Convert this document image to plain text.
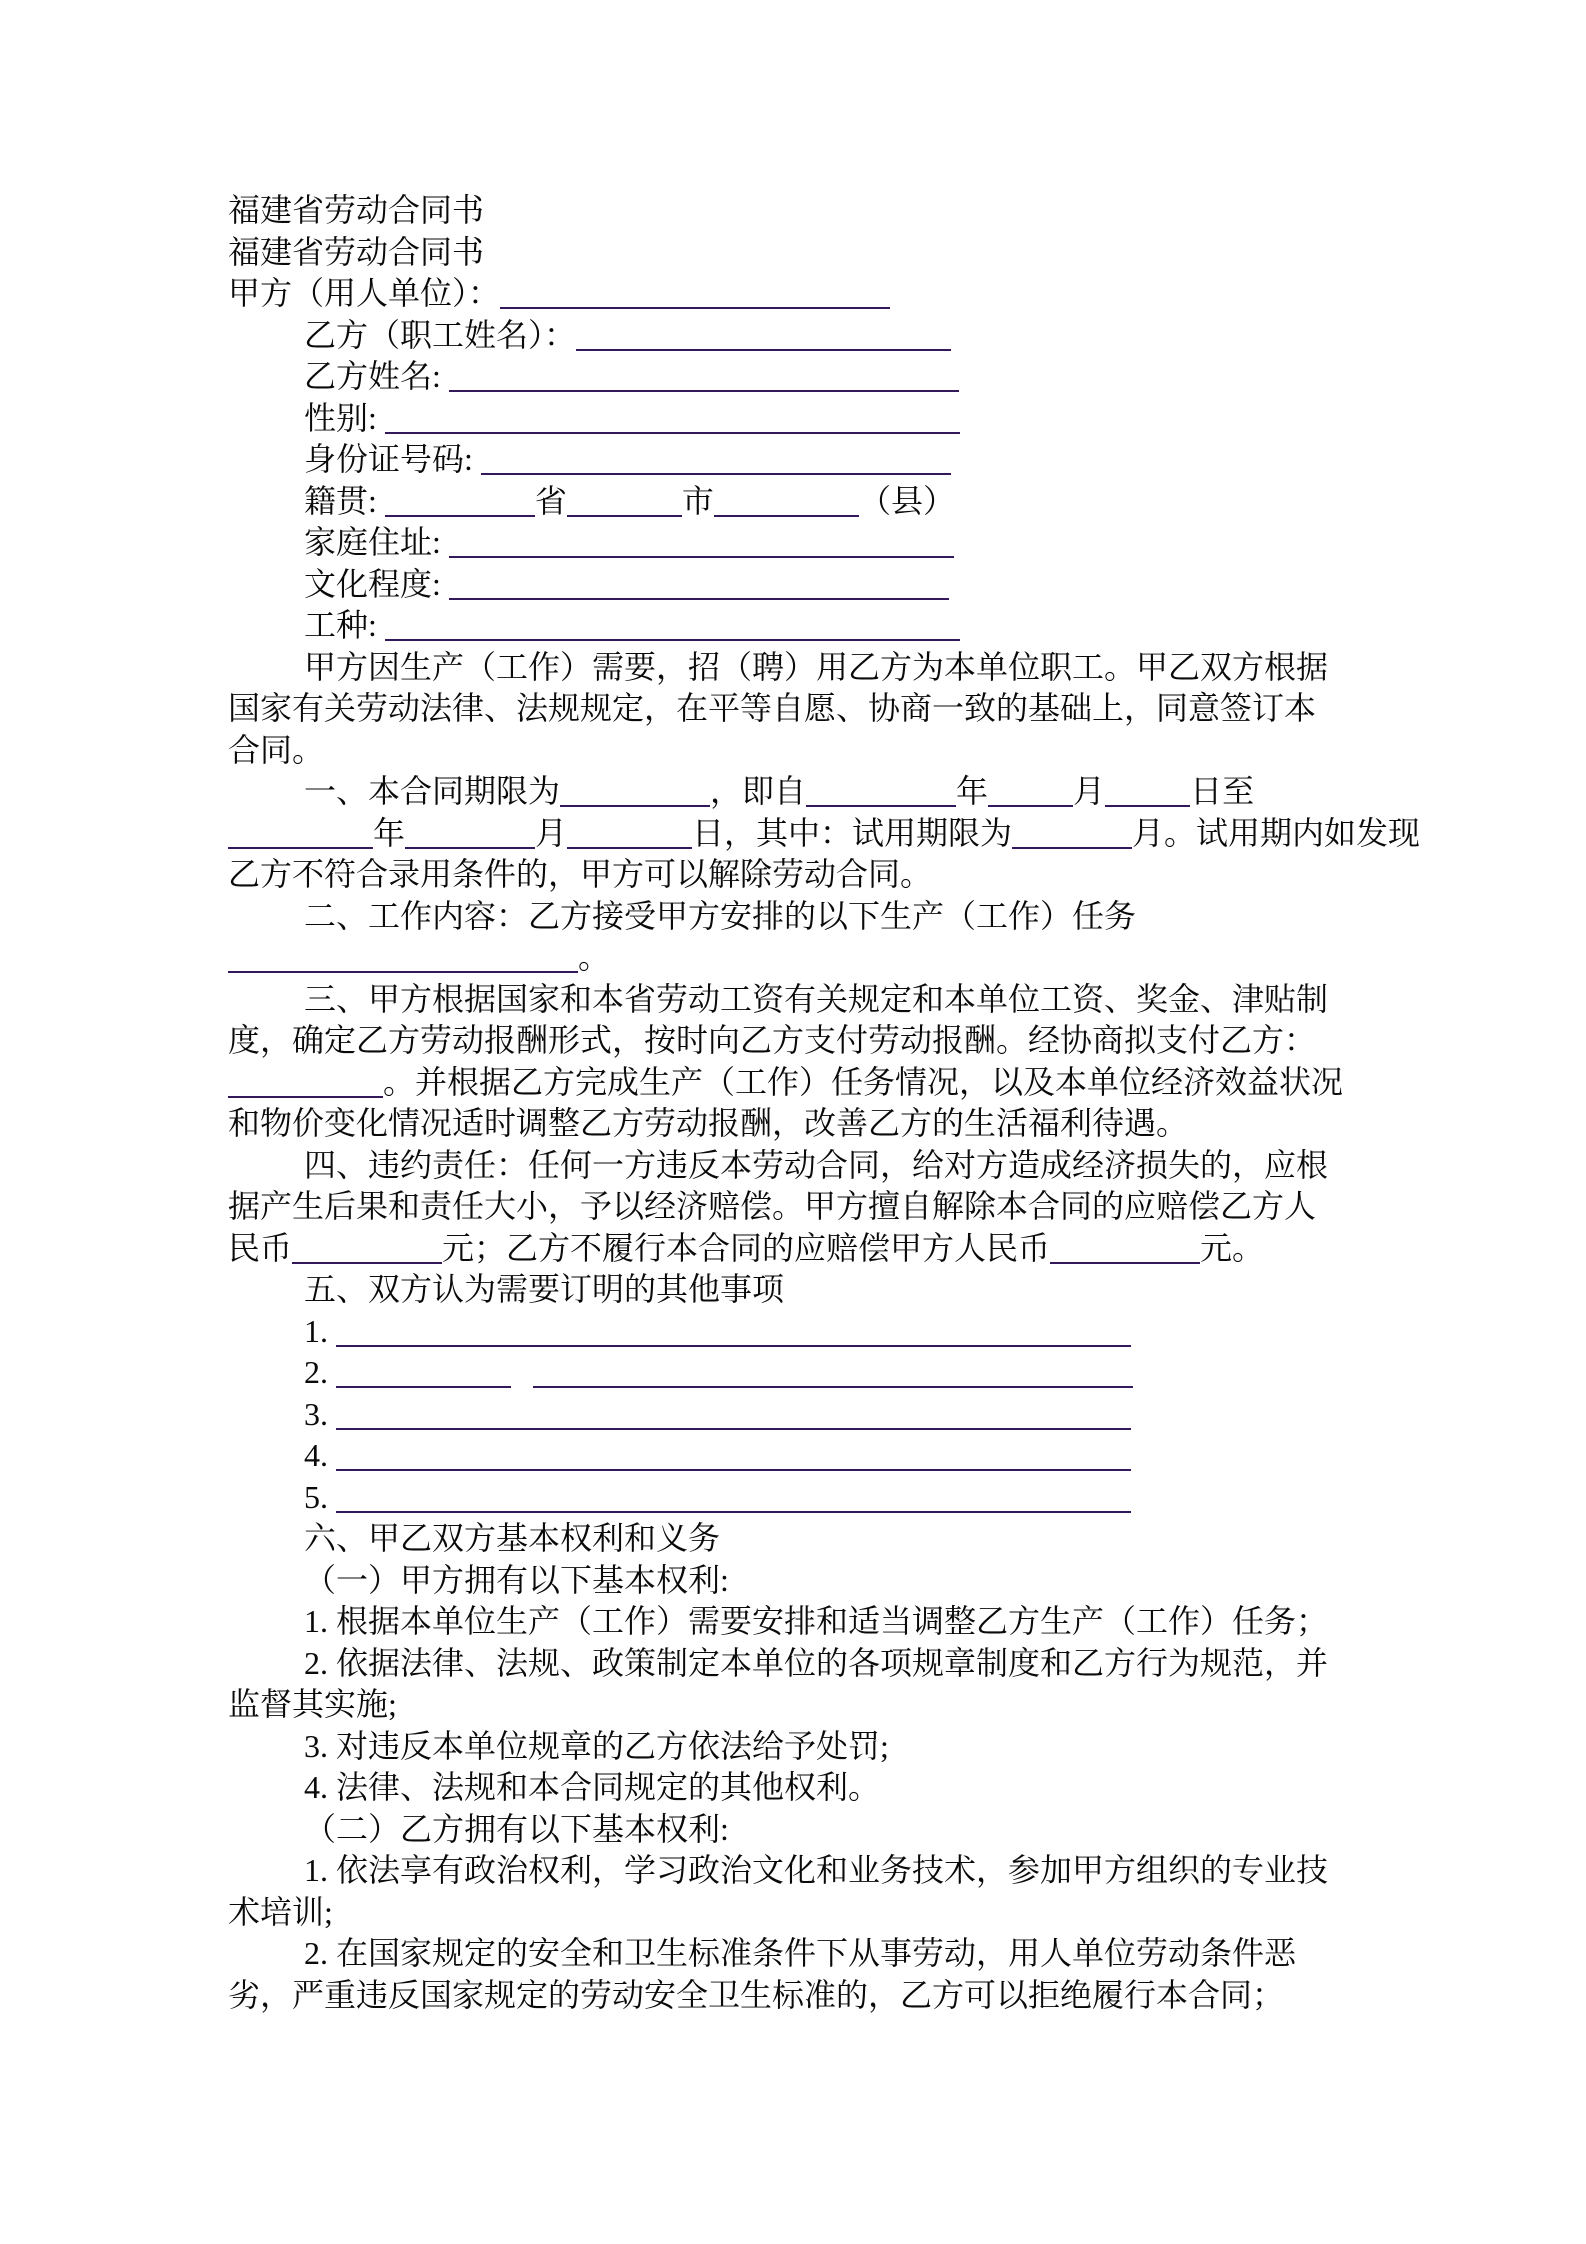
福建省劳动合同书
福建省劳动合同书
甲方（用人单位）：
乙方（职工姓名）：
乙方姓名:
性别:
身份证号码:
籍贯:	省	市	（县）
家庭住址:
文化程度:
工种:
甲方因生产（工作）需要，招（聘）用乙方为本单位职工。甲乙双方根据
国家有关劳动法律、法规规定，在平等自愿、协商一致的基础上，同意签订本
合同。
一、本合同期限为	，即自	年	月	日至
年	月	日，其中：试用期限为	月。试用期内如发现
乙方不符合录用条件的，甲方可以解除劳动合同。
二、工作内容：乙方接受甲方安排的以下生产（工作）任务
。
三、甲方根据国家和本省劳动工资有关规定和本单位工资、奖金、津贴制
度，确定乙方劳动报酬形式，按时向乙方支付劳动报酬。经协商拟支付乙方：
。并根据乙方完成生产（工作）任务情况，以及本单位经济效益状况
和物价变化情况适时调整乙方劳动报酬，改善乙方的生活福利待遇。
四、违约责任：任何一方违反本劳动合同，给对方造成经济损失的，应根
据产生后果和责任大小，予以经济赔偿。甲方擅自解除本合同的应赔偿乙方人
民币	元；乙方不履行本合同的应赔偿甲方人民币	元。
五、双方认为需要订明的其他事项
1.
2.
3.
4.
5.
六、甲乙双方基本权利和义务
（一）甲方拥有以下基本权利:
1. 根据本单位生产（工作）需要安排和适当调整乙方生产（工作）任务；
2. 依据法律、法规、政策制定本单位的各项规章制度和乙方行为规范，并
监督其实施;
3. 对违反本单位规章的乙方依法给予处罚;
4. 法律、法规和本合同规定的其他权利。
（二）乙方拥有以下基本权利:
1. 依法享有政治权利，学习政治文化和业务技术，参加甲方组织的专业技
术培训;
2. 在国家规定的安全和卫生标准条件下从事劳动，用人单位劳动条件恶
劣，严重违反国家规定的劳动安全卫生标准的，乙方可以拒绝履行本合同；
